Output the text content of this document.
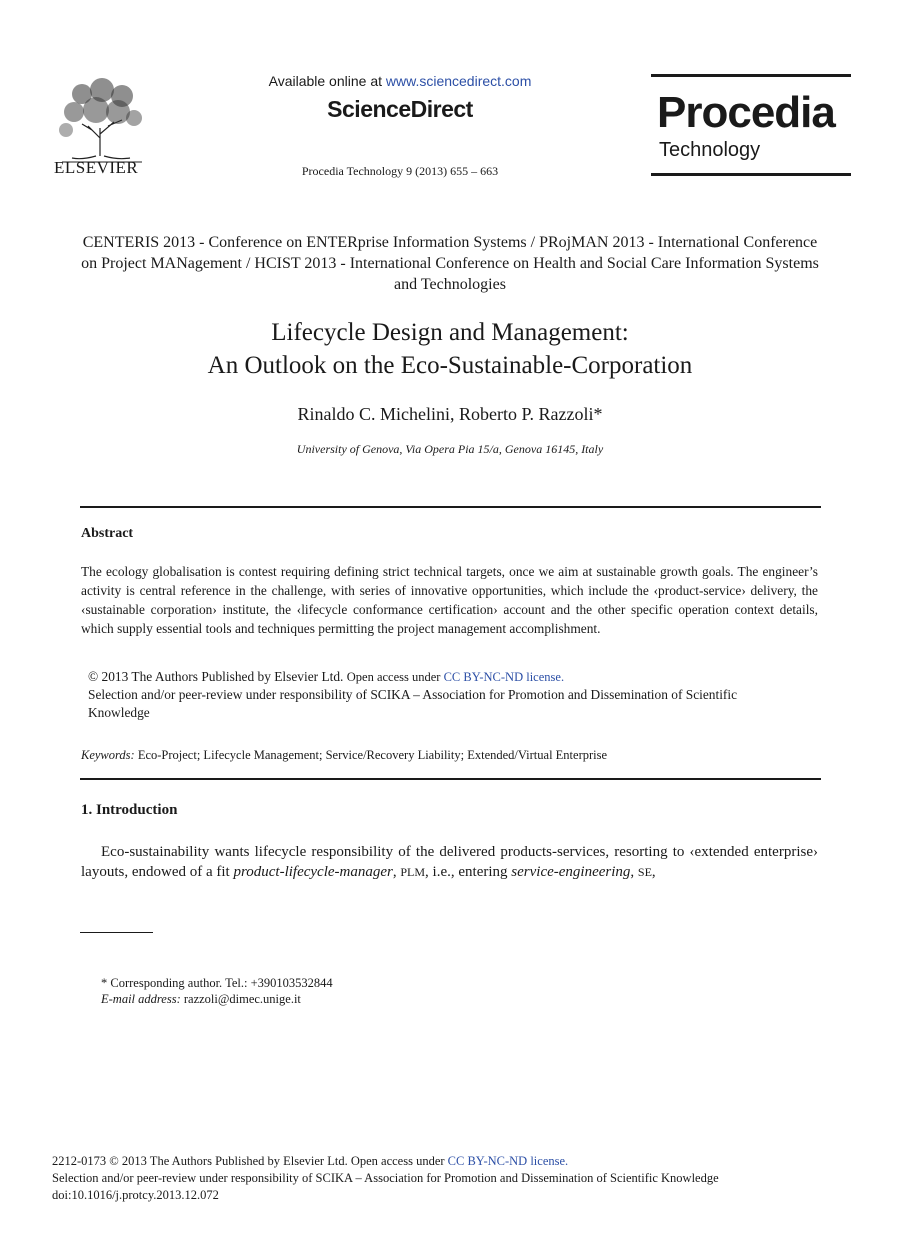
ELSEVIER
Available online at www.sciencedirect.com
ScienceDirect
Procedia Technology 9 (2013) 655 – 663
Procedia
Technology
CENTERIS 2013 - Conference on ENTERprise Information Systems / PRojMAN 2013 - International Conference on Project MANagement / HCIST 2013 - International Conference on Health and Social Care Information Systems and Technologies
Lifecycle Design and Management:
An Outlook on the Eco-Sustainable-Corporation
Rinaldo C. Michelini, Roberto P. Razzoli*
University of Genova, Via Opera Pia 15/a, Genova 16145, Italy
Abstract
The ecology globalisation is contest requiring defining strict technical targets, once we aim at sustainable growth goals. The engineer’s activity is central reference in the challenge, with series of innovative opportunities, which include the ‹product-service› delivery, the ‹sustainable corporation› institute, the ‹lifecycle conformance certification› account and the other specific operation context details, which supply essential tools and techniques permitting the project management accomplishment.
© 2013 The Authors Published by Elsevier Ltd. Open access under CC BY-NC-ND license.
Selection and/or peer-review under responsibility of SCIKA – Association for Promotion and Dissemination of Scientific Knowledge
Keywords: Eco-Project; Lifecycle Management; Service/Recovery Liability; Extended/Virtual Enterprise
1. Introduction
Eco-sustainability wants lifecycle responsibility of the delivered products-services, resorting to ‹extended enterprise› layouts, endowed of a fit product-lifecycle-manager, PLM, i.e., entering service-engineering, SE,
* Corresponding author. Tel.: +390103532844
E-mail address: razzoli@dimec.unige.it
2212-0173 © 2013 The Authors Published by Elsevier Ltd. Open access under CC BY-NC-ND license.
Selection and/or peer-review under responsibility of SCIKA – Association for Promotion and Dissemination of Scientific Knowledge
doi:10.1016/j.protcy.2013.12.072
